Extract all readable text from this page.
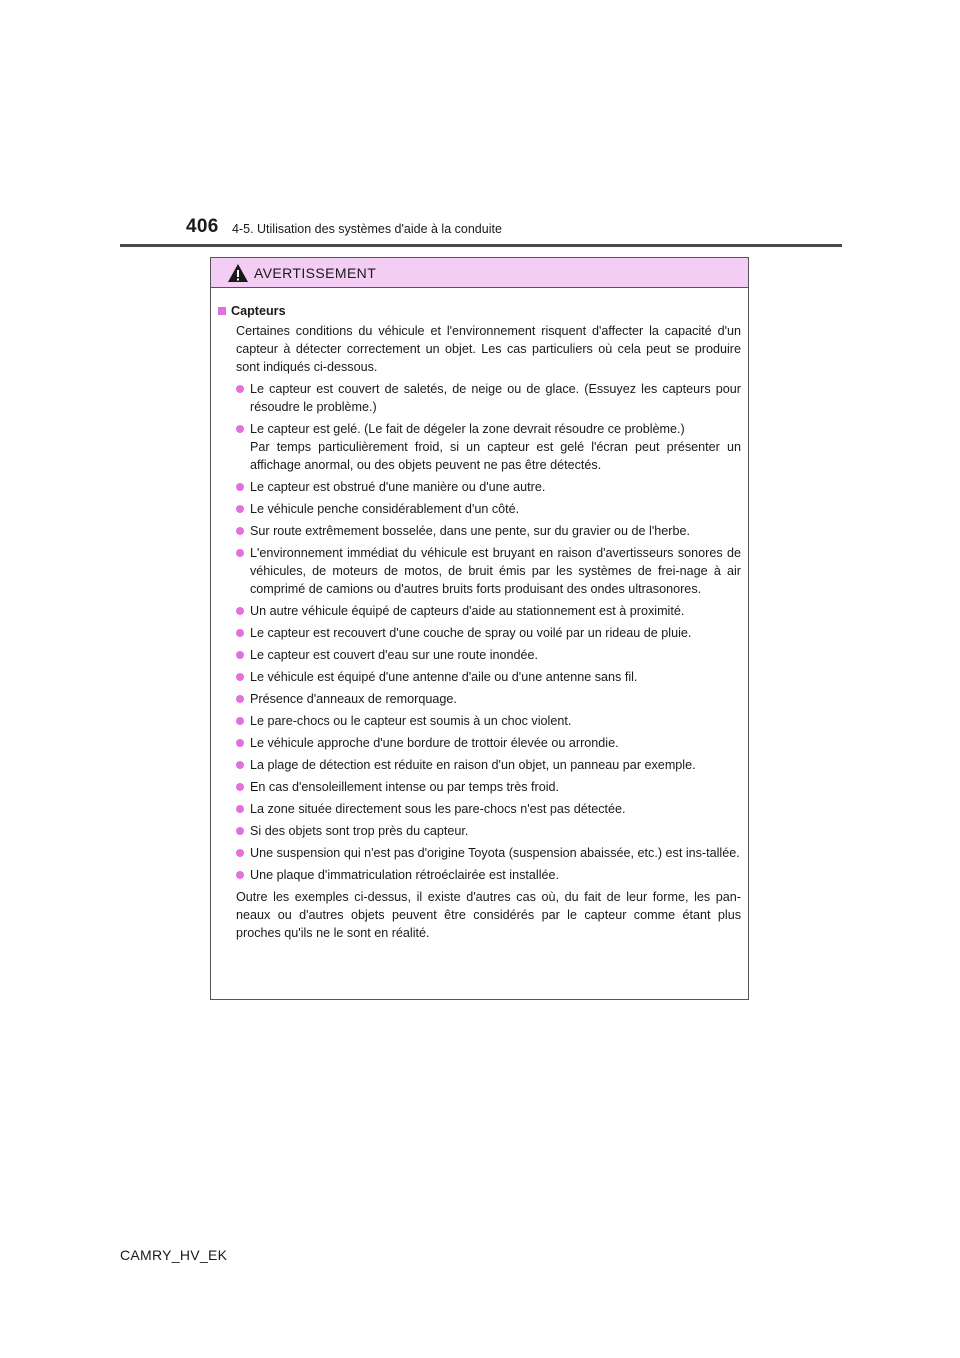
406 4-5. Utilisation des systèmes d'aide à la conduite
AVERTISSEMENT
Capteurs
Certaines conditions du véhicule et l'environnement risquent d'affecter la capacité d'un capteur à détecter correctement un objet. Les cas particuliers où cela peut se produire sont indiqués ci-dessous.
Le capteur est couvert de saletés, de neige ou de glace. (Essuyez les capteurs pour résoudre le problème.)
Le capteur est gelé. (Le fait de dégeler la zone devrait résoudre ce problème.)
Par temps particulièrement froid, si un capteur est gelé l'écran peut présenter un affichage anormal, ou des objets peuvent ne pas être détectés.
Le capteur est obstrué d'une manière ou d'une autre.
Le véhicule penche considérablement d'un côté.
Sur route extrêmement bosselée, dans une pente, sur du gravier ou de l'herbe.
L'environnement immédiat du véhicule est bruyant en raison d'avertisseurs sonores de véhicules, de moteurs de motos, de bruit émis par les systèmes de frei-nage à air comprimé de camions ou d'autres bruits forts produisant des ondes ultrasonores.
Un autre véhicule équipé de capteurs d'aide au stationnement est à proximité.
Le capteur est recouvert d'une couche de spray ou voilé par un rideau de pluie.
Le capteur est couvert d'eau sur une route inondée.
Le véhicule est équipé d'une antenne d'aile ou d'une antenne sans fil.
Présence d'anneaux de remorquage.
Le pare-chocs ou le capteur est soumis à un choc violent.
Le véhicule approche d'une bordure de trottoir élevée ou arrondie.
La plage de détection est réduite en raison d'un objet, un panneau par exemple.
En cas d'ensoleillement intense ou par temps très froid.
La zone située directement sous les pare-chocs n'est pas détectée.
Si des objets sont trop près du capteur.
Une suspension qui n'est pas d'origine Toyota (suspension abaissée, etc.) est ins-tallée.
Une plaque d'immatriculation rétroéclairée est installée.
Outre les exemples ci-dessus, il existe d'autres cas où, du fait de leur forme, les pan-neaux ou d'autres objets peuvent être considérés par le capteur comme étant plus proches qu'ils ne le sont en réalité.
CAMRY_HV_EK
